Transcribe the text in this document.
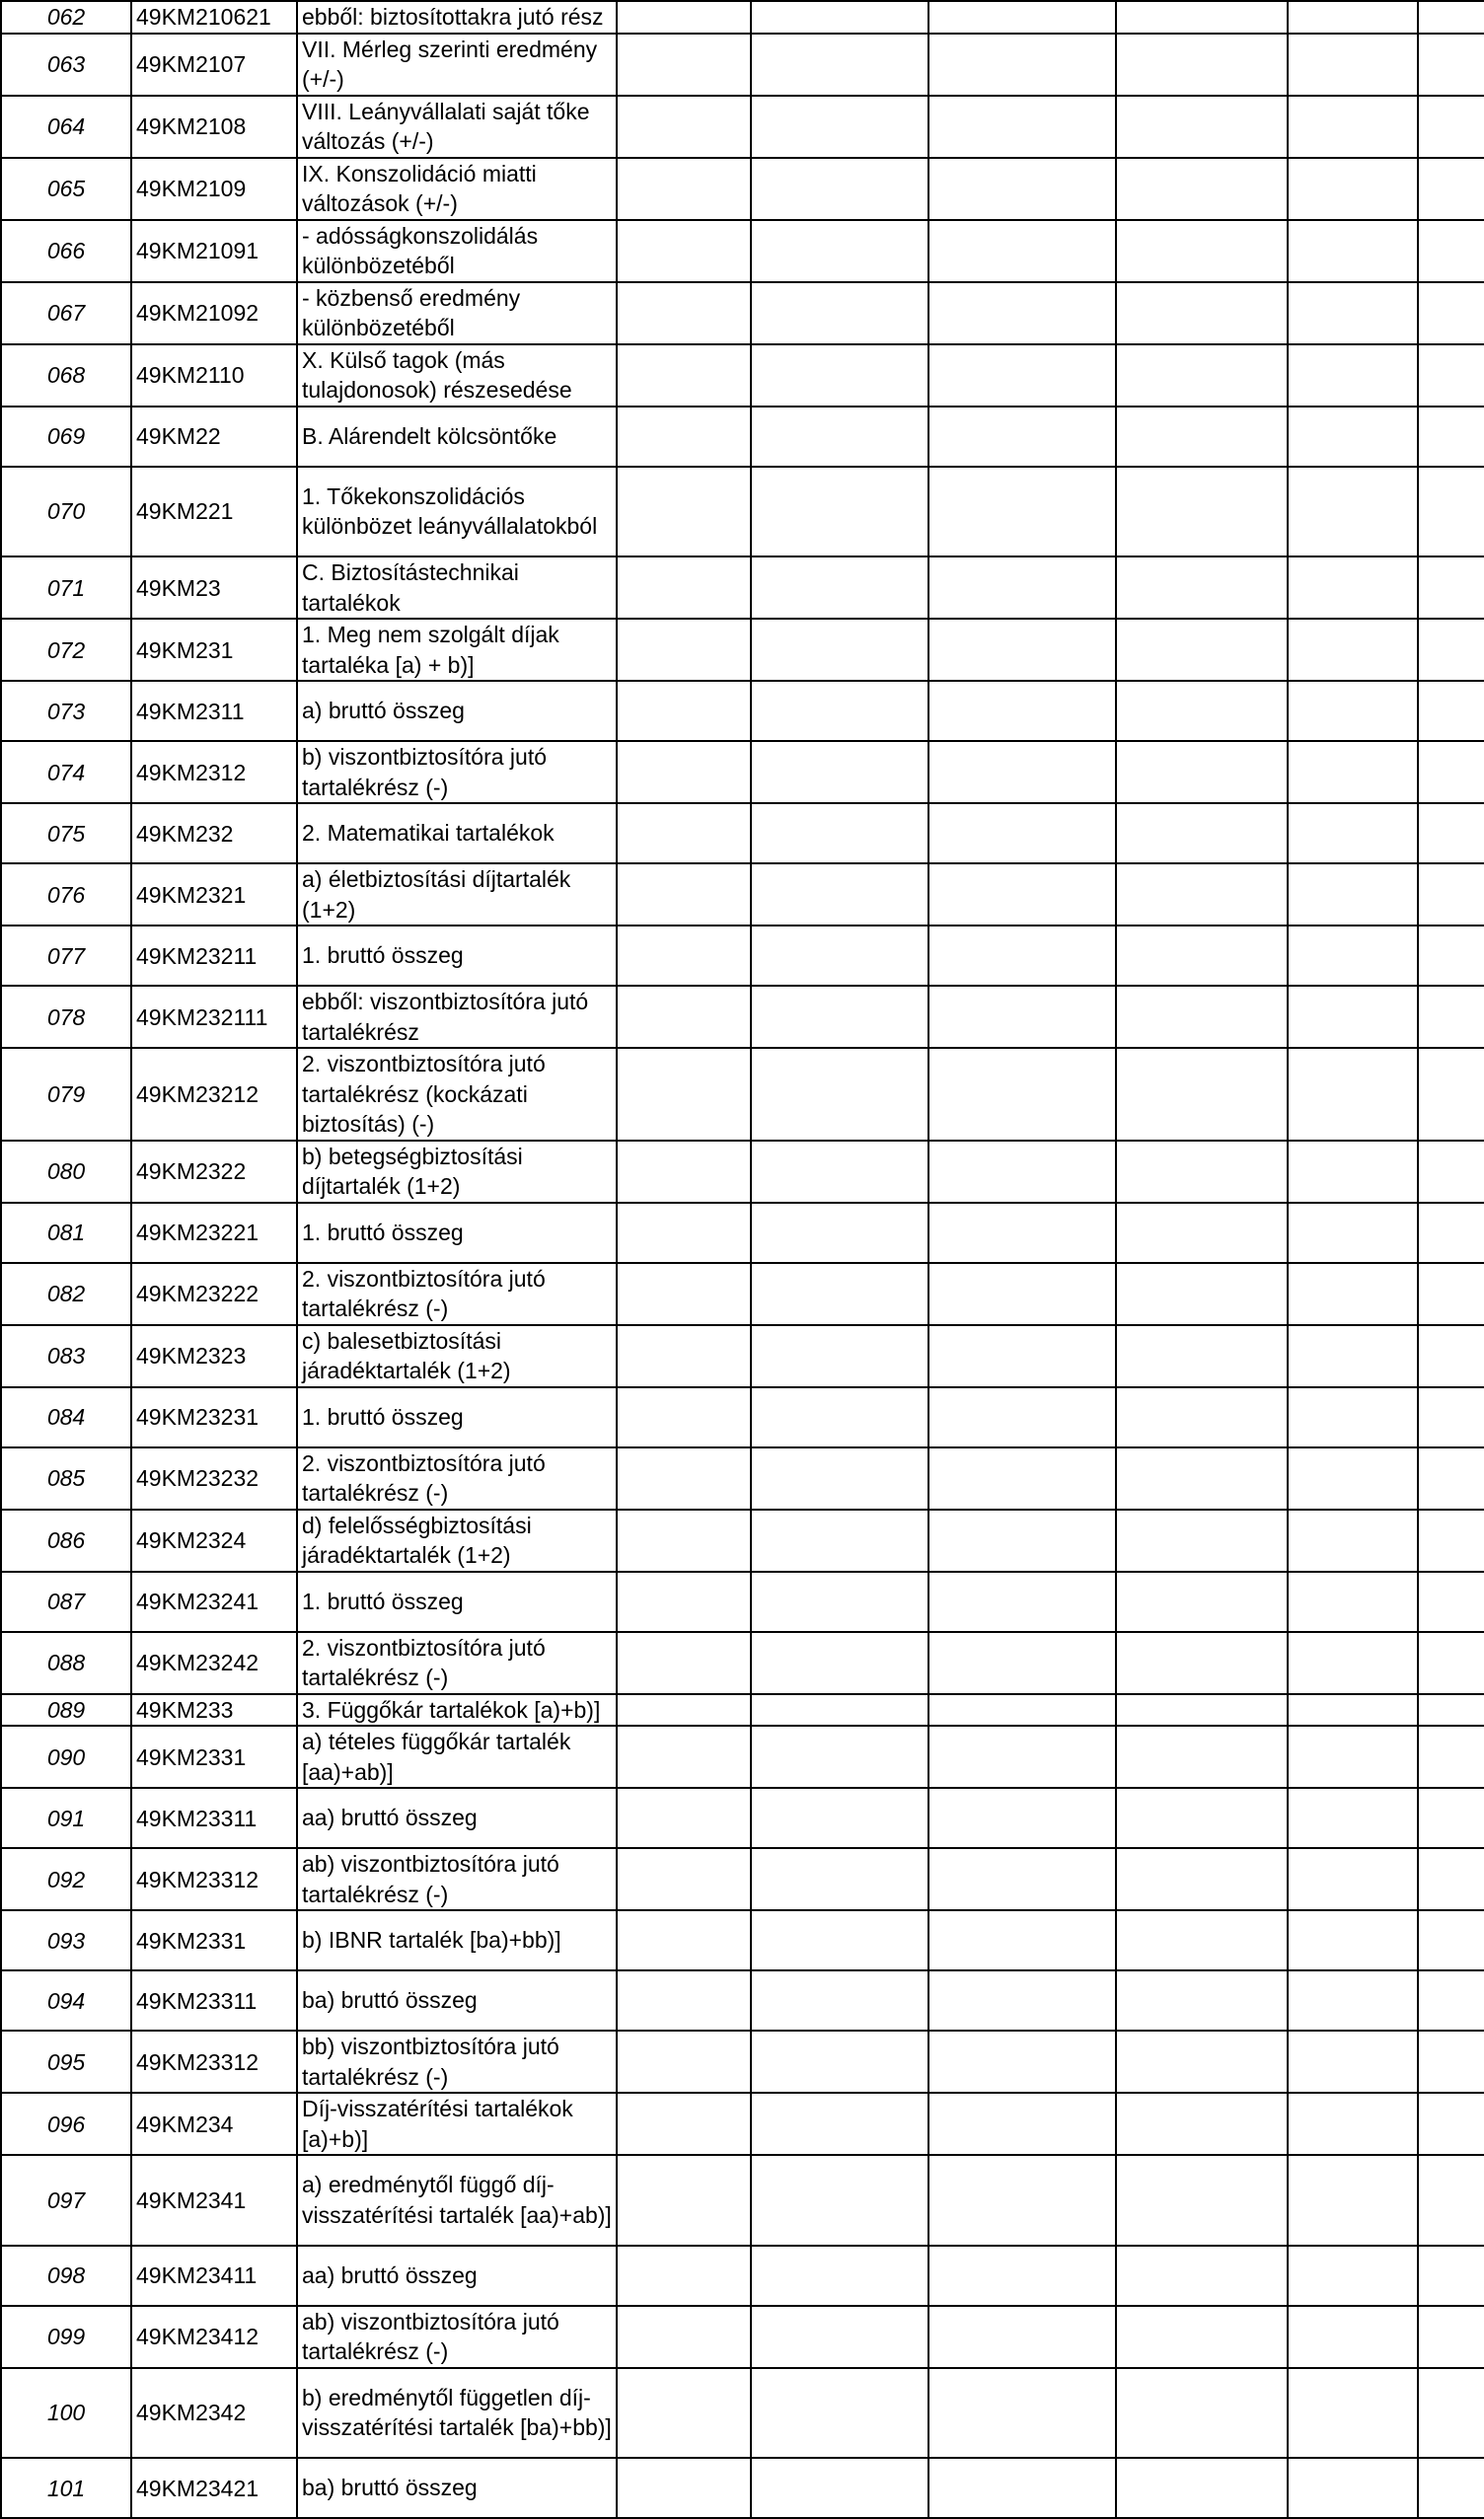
062	49KM210621	ebből: biztosítottakra jutó rész						
063	49KM2107	VII. Mérleg szerinti eredmény (+/-)						
064	49KM2108	VIII. Leányvállalati saját tőke változás (+/-)						
065	49KM2109	IX. Konszolidáció miatti változások (+/-)						
066	49KM21091	- adósságkonszolidálás különbözetéből						
067	49KM21092	- közbenső eredmény különbözetéből						
068	49KM2110	X. Külső tagok (más tulajdonosok) részesedése						
069	49KM22	B. Alárendelt kölcsöntőke						
070	49KM221	1. Tőkekonszolidációs különbözet leányvállalatokból						
071	49KM23	C. Biztosítástechnikai tartalékok						
072	49KM231	1. Meg nem szolgált díjak tartaléka [a) + b)]						
073	49KM2311	a) bruttó összeg						
074	49KM2312	b) viszontbiztosítóra jutó tartalékrész (-)						
075	49KM232	2. Matematikai tartalékok						
076	49KM2321	a) életbiztosítási díjtartalék (1+2)						
077	49KM23211	1. bruttó összeg						
078	49KM232111	ebből: viszontbiztosítóra jutó tartalékrész						
079	49KM23212	2. viszontbiztosítóra jutó tartalékrész (kockázati biztosítás) (-)						
080	49KM2322	b) betegségbiztosítási díjtartalék (1+2)						
081	49KM23221	1. bruttó összeg						
082	49KM23222	2. viszontbiztosítóra jutó tartalékrész (-)						
083	49KM2323	c) balesetbiztosítási járadéktartalék (1+2)						
084	49KM23231	1. bruttó összeg						
085	49KM23232	2. viszontbiztosítóra jutó tartalékrész (-)						
086	49KM2324	d) felelősségbiztosítási járadéktartalék (1+2)						
087	49KM23241	1. bruttó összeg						
088	49KM23242	2. viszontbiztosítóra jutó tartalékrész (-)						
089	49KM233	3. Függőkár tartalékok [a)+b)]						
090	49KM2331	a) tételes függőkár tartalék [aa)+ab)]						
091	49KM23311	aa) bruttó összeg						
092	49KM23312	ab) viszontbiztosítóra jutó tartalékrész (-)						
093	49KM2331	b) IBNR tartalék [ba)+bb)]						
094	49KM23311	ba) bruttó összeg						
095	49KM23312	bb) viszontbiztosítóra jutó tartalékrész (-)						
096	49KM234	Díj-visszatérítési tartalékok [a)+b)]						
097	49KM2341	a) eredménytől függő díj-visszatérítési tartalék [aa)+ab)]						
098	49KM23411	aa) bruttó összeg						
099	49KM23412	ab) viszontbiztosítóra jutó tartalékrész (-)						
100	49KM2342	b) eredménytől független díj-visszatérítési tartalék [ba)+bb)]						
101	49KM23421	ba) bruttó összeg						
